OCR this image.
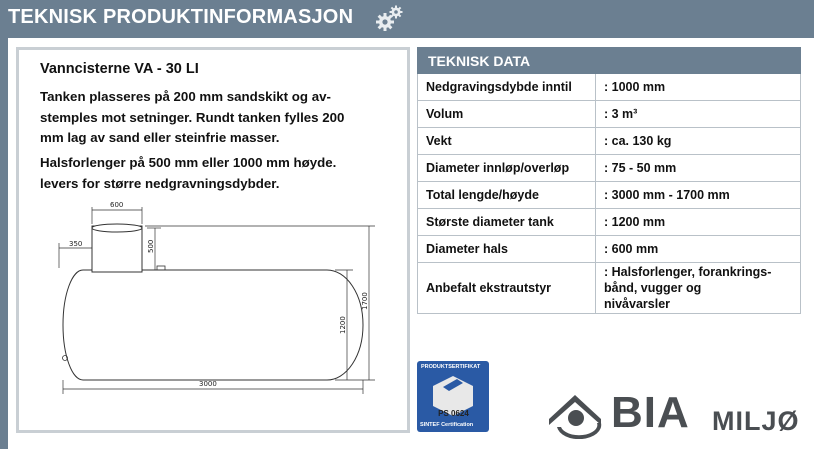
TEKNISK PRODUKTINFORMASJON
Vanncisterne VA - 30 LI
Tanken plasseres på 200 mm sandskikt og av-
stemples mot setninger. Rundt tanken fylles 200
mm lag av sand eller steinfrie masser.
Halsforlenger på 500 mm eller 1000 mm høyde.
levers for større nedgravningsdybder.
600
350	500
1200
1700
3000
TEKNISK DATA	
Nedgravingsdybde inntil	: 1000 mm
Volum	: 3 m³
Vekt	: ca. 130 kg
Diameter innløp/overløp	: 75 - 50 mm
Total lengde/høyde	: 3000 mm - 1700 mm
Største diameter tank	: 1200 mm
Diameter hals	: 600 mm
Anbefalt ekstrautstyr	: Halsforlenger, forankrings-
bånd, vugger og
nivåvarsler
PRODUKTSERTIFIKAT
PS 0624
SINTEF Certification	BIA MILJØ
